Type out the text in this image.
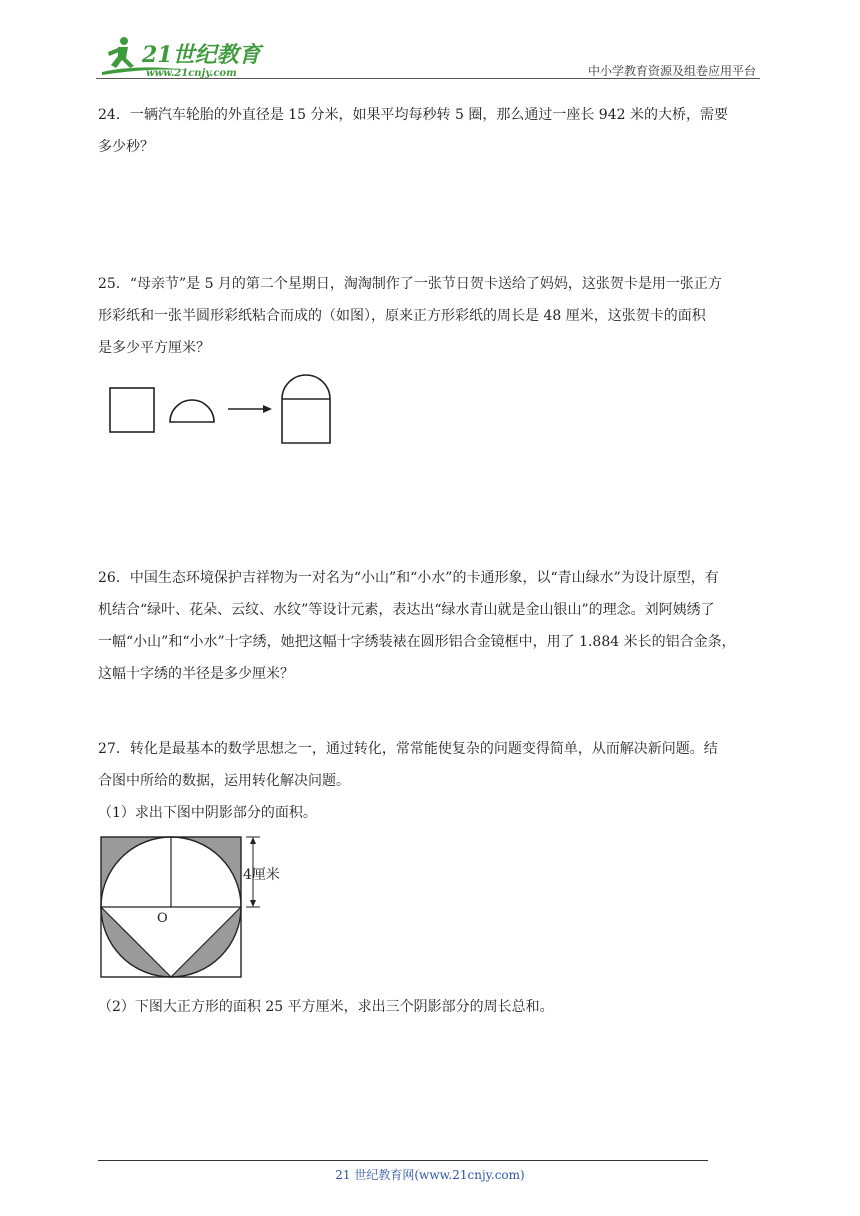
21世纪教育
www.21cnjy.com	中小学教育资源及组卷应用平台
24．一辆汽车轮胎的外直径是 15 分米，如果平均每秒转 5 圈，那么通过一座长 942 米的大桥，需要
多少秒？
25．“母亲节”是 5 月的第二个星期日，淘淘制作了一张节日贺卡送给了妈妈，这张贺卡是用一张正方
形彩纸和一张半圆形彩纸粘合而成的（如图），原来正方形彩纸的周长是 48 厘米，这张贺卡的面积
是多少平方厘米？
26．中国生态环境保护吉祥物为一对名为“小山”和“小水”的卡通形象，以“青山绿水”为设计原型，有
机结合“绿叶、花朵、云纹、水纹”等设计元素，表达出“绿水青山就是金山银山”的理念。刘阿姨绣了
一幅“小山”和“小水”十字绣，她把这幅十字绣装裱在圆形铝合金镜框中，用了 1.884 米长的铝合金条，
这幅十字绣的半径是多少厘米？
27．转化是最基本的数学思想之一，通过转化，常常能使复杂的问题变得简单，从而解决新问题。结
合图中所给的数据，运用转化解决问题。
（1）求出下图中阴影部分的面积。
O
4厘米
（2）下图大正方形的面积 25 平方厘米，求出三个阴影部分的周长总和。
21 世纪教育网(www.21cnjy.com)
